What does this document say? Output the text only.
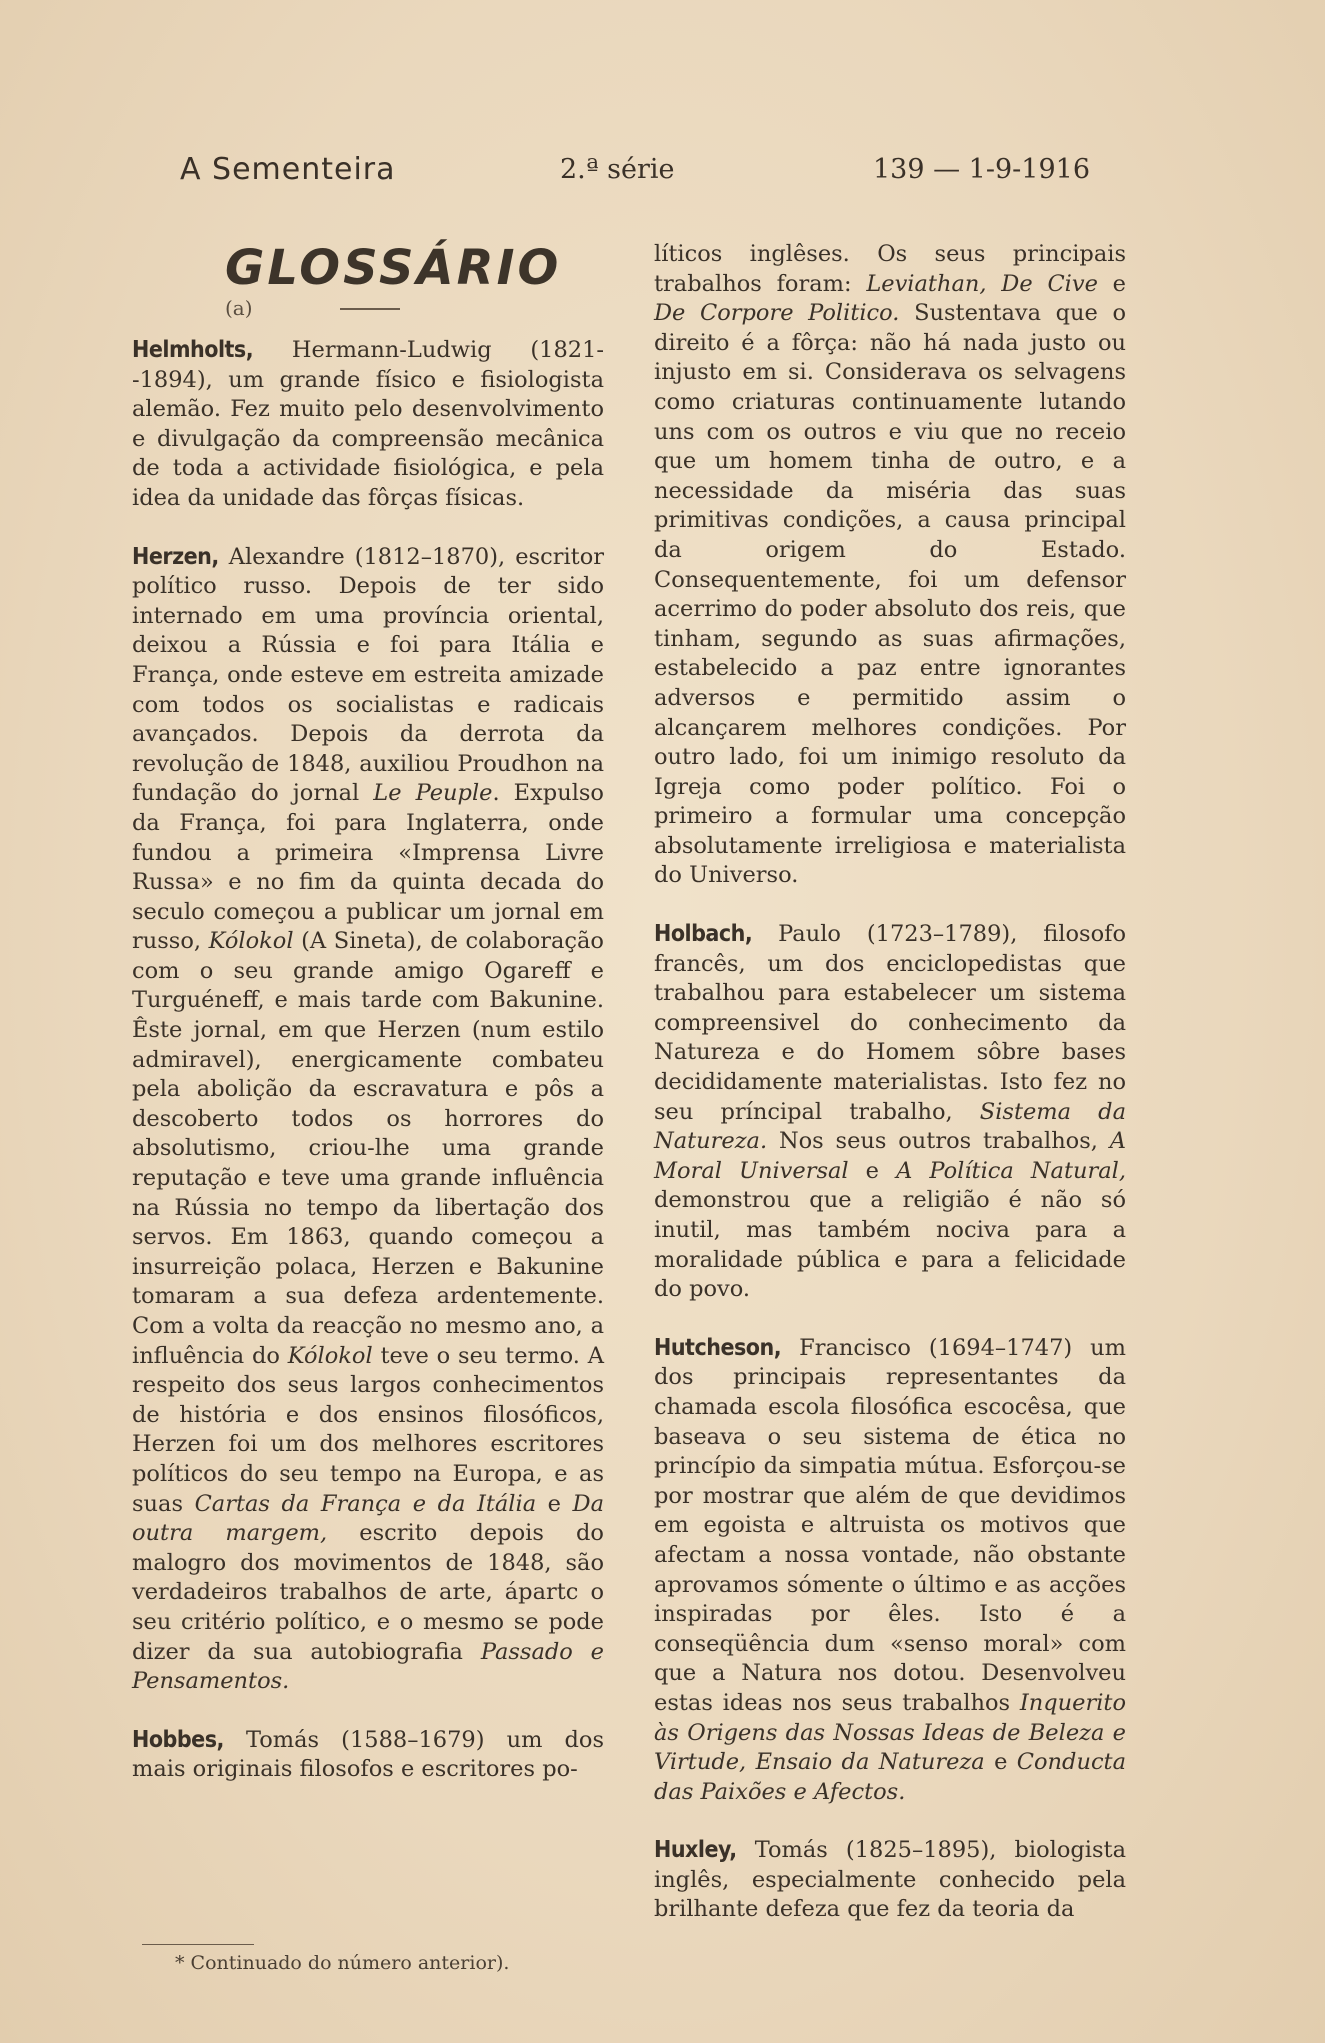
A Sementeira	2.ª série	139 — 1-9-1916
GLOSSÁRIO (a)

Helmholts, Hermann-Ludwig (1821--1894), um grande físico e fisiologista alemão. Fez muito pelo desenvolvimento e divulgação da compreensão mecânica de toda a actividade fisiológica, e pela idea da unidade das fôrças físicas.

Herzen, Alexandre (1812–1870), escritor político russo. Depois de ter sido internado em uma província oriental, deixou a Rússia e foi para Itália e França, onde esteve em estreita amizade com todos os socialistas e radicais avançados. Depois da derrota da revolução de 1848, auxiliou Proudhon na fundação do jornal Le Peuple. Expulso da França, foi para Inglaterra, onde fundou a primeira «Imprensa Livre Russa» e no fim da quinta decada do seculo começou a publicar um jornal em russo, Kólokol (A Sineta), de colaboração com o seu grande amigo Ogareff e Turguéneff, e mais tarde com Bakunine. Êste jornal, em que Herzen (num estilo admiravel), energicamente combateu pela abolição da escravatura e pôs a descoberto todos os horrores do absolutismo, criou-lhe uma grande reputação e teve uma grande influência na Rússia no tempo da libertação dos servos. Em 1863, quando começou a insurreição polaca, Herzen e Bakunine tomaram a sua defeza ardentemente. Com a volta da reacção no mesmo ano, a influência do Kólokol teve o seu termo. A respeito dos seus largos conhecimentos de história e dos ensinos filosóficos, Herzen foi um dos melhores escritores políticos do seu tempo na Europa, e as suas Cartas da França e da Itália e Da outra margem, escrito depois do malogro dos movimentos de 1848, são verdadeiros trabalhos de arte, ápartc o seu critério político, e o mesmo se pode dizer da sua autobiografia Passado e Pensamentos.

Hobbes, Tomás (1588–1679) um dos mais originais filosofos e escritores po-

líticos inglêses. Os seus principais trabalhos foram: Leviathan, De Cive e De Corpore Politico. Sustentava que o direito é a fôrça: não há nada justo ou injusto em si. Considerava os selvagens como criaturas continuamente lutando uns com os outros e viu que no receio que um homem tinha de outro, e a necessidade da miséria das suas primitivas condições, a causa principal da origem do Estado. Consequentemente, foi um defensor acerrimo do poder absoluto dos reis, que tinham, segundo as suas afirmações, estabelecido a paz entre ignorantes adversos e permitido assim o alcançarem melhores condições. Por outro lado, foi um inimigo resoluto da Igreja como poder político. Foi o primeiro a formular uma concepção absolutamente irreligiosa e materialista do Universo.

Holbach, Paulo (1723–1789), filosofo francês, um dos enciclopedistas que trabalhou para estabelecer um sistema compreensivel do conhecimento da Natureza e do Homem sôbre bases decididamente materialistas. Isto fez no seu príncipal trabalho, Sistema da Natureza. Nos seus outros trabalhos, A Moral Universal e A Política Natural, demonstrou que a religião é não só inutil, mas também nociva para a moralidade pública e para a felicidade do povo.

Hutcheson, Francisco (1694–1747) um dos principais representantes da chamada escola filosófica escocêsa, que baseava o seu sistema de ética no princípio da simpatia mútua. Esforçou-se por mostrar que além de que devidimos em egoista e altruista os motivos que afectam a nossa vontade, não obstante aprovamos sómente o último e as acções inspiradas por êles. Isto é a conseqüência dum «senso moral» com que a Natura nos dotou. Desenvolveu estas ideas nos seus trabalhos Inquerito às Origens das Nossas Ideas de Beleza e Virtude, Ensaio da Natureza e Conducta das Paixões e Afectos.

Huxley, Tomás (1825–1895), biologista inglês, especialmente conhecido pela brilhante defeza que fez da teoria da

* Continuado do número anterior).
